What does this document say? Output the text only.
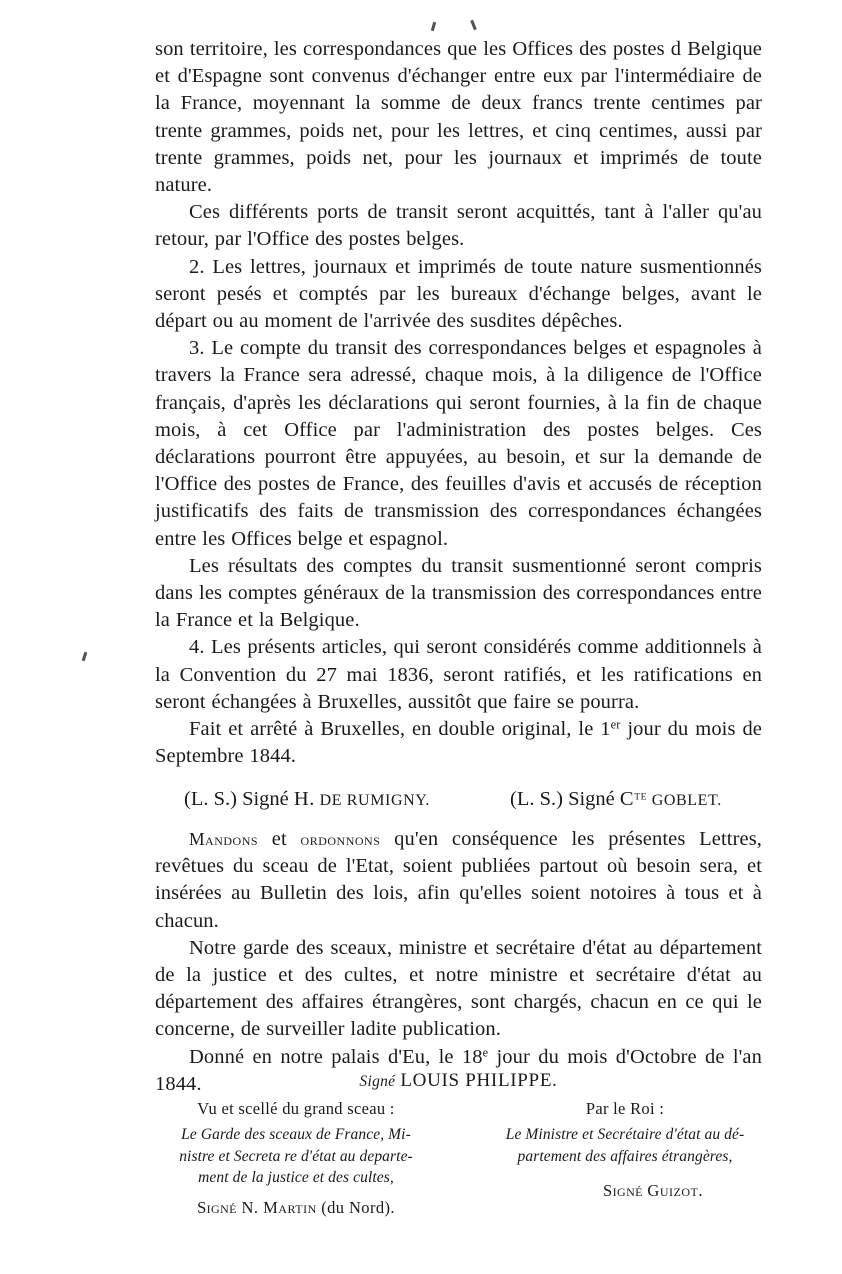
son territoire, les correspondances que les Offices des postes d Belgique et d'Espagne sont convenus d'échanger entre eux par l'intermédiaire de la France, moyennant la somme de deux francs trente centimes par trente grammes, poids net, pour les lettres, et cinq centimes, aussi par trente grammes, poids net, pour les journaux et imprimés de toute nature.

Ces différents ports de transit seront acquittés, tant à l'aller qu'au retour, par l'Office des postes belges.

2. Les lettres, journaux et imprimés de toute nature susmentionnés seront pesés et comptés par les bureaux d'échange belges, avant le départ ou au moment de l'arrivée des susdites dépêches.

3. Le compte du transit des correspondances belges et espagnoles à travers la France sera adressé, chaque mois, à la diligence de l'Office français, d'après les déclarations qui seront fournies, à la fin de chaque mois, à cet Office par l'administration des postes belges. Ces déclarations pourront être appuyées, au besoin, et sur la demande de l'Office des postes de France, des feuilles d'avis et accusés de réception justificatifs des faits de transmission des correspondances échangées entre les Offices belge et espagnol.

Les résultats des comptes du transit susmentionné seront compris dans les comptes généraux de la transmission des correspondances entre la France et la Belgique.

4. Les présents articles, qui seront considérés comme additionnels à la Convention du 27 mai 1836, seront ratifiés, et les ratifications en seront échangées à Bruxelles, aussitôt que faire se pourra.

Fait et arrêté à Bruxelles, en double original, le 1er jour du mois de Septembre 1844.

(L. S.) Signé H. DE RUMIGNY.	(L. S.) Signé $C^{TE}$ GOBLET.

Mandons et ordonnons qu'en conséquence les présentes Lettres, revêtues du sceau de l'Etat, soient publiées partout où besoin sera, et insérées au Bulletin des lois, afin qu'elles soient notoires à tous et à chacun.

Notre garde des sceaux, ministre et secrétaire d'état au département de la justice et des cultes, et notre ministre et secrétaire d'état au département des affaires étrangères, sont chargés, chacun en ce qui le concerne, de surveiller ladite publication.

Donné en notre palais d'Eu, le 18e jour du mois d'Octobre de l'an 1844.	Signé LOUIS PHILIPPE.
Vu et scellé du grand sceau :
Le Garde des sceaux de France, Mi-
nistre et Secreta re d'état au departe-
ment de la justice et des cultes,
Signé N. Martin (du Nord).
Par le Roi :
Le Ministre et Secrétaire d'état au dé-
partement des affaires étrangères,
Signé Guizot.
